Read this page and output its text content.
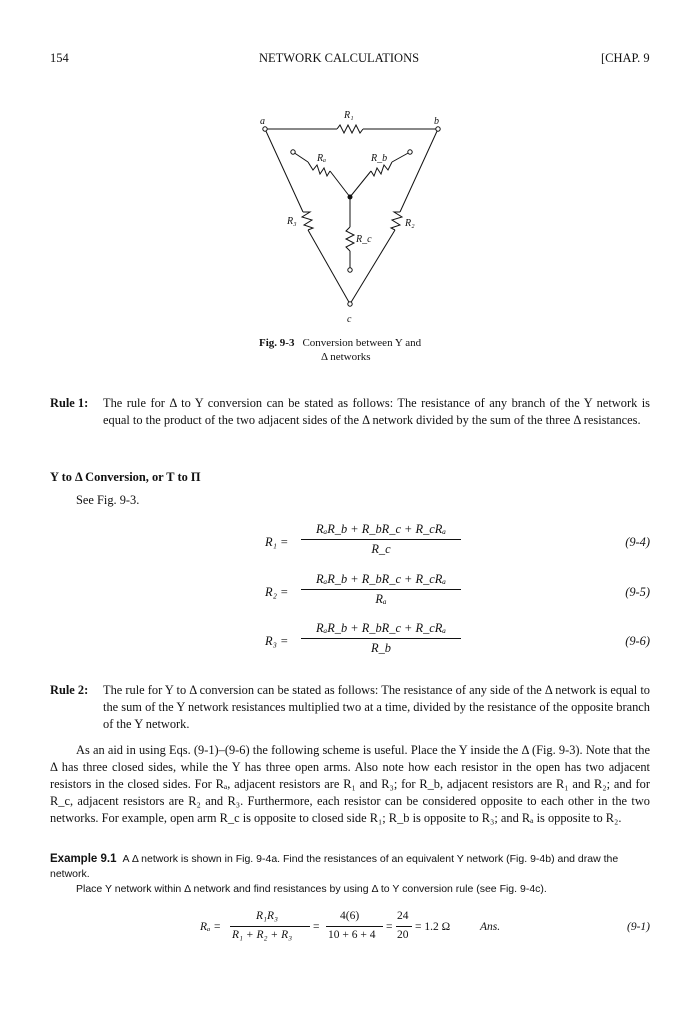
154	NETWORK CALCULATIONS	[CHAP. 9
a	b
c
R₁
R₂
R₃
Rₐ	R_b
R_c
Fig. 9-3 Conversion between Y and
Δ networks
Rule 1: The rule for Δ to Y conversion can be stated as follows: The resistance of any branch of the Y network is equal to the product of the two adjacent sides of the Δ network divided by the sum of the three Δ resistances.
Y to Δ Conversion, or T to Π
See Fig. 9-3.
R₁ =
RₐR_b + R_bR_c + R_cRₐ
R_c	(9-4)
R₂ =
RₐR_b + R_bR_c + R_cRₐ
Rₐ	(9-5)
R₃ =
RₐR_b + R_bR_c + R_cRₐ
R_b	(9-6)
Rule 2: The rule for Y to Δ conversion can be stated as follows: The resistance of any side of the Δ network is equal to the sum of the Y network resistances multiplied two at a time, divided by the resistance of the opposite branch of the Y network.
As an aid in using Eqs. (9-1)–(9-6) the following scheme is useful. Place the Y inside the Δ (Fig. 9-3). Note that the Δ has three closed sides, while the Y has three open arms. Also note how each resistor in the open has two adjacent resistors in the closed sides. For Rₐ, adjacent resistors are R₁ and R₃; for R_b, adjacent resistors are R₁ and R₂; and for R_c, adjacent resistors are R₂ and R₃. Furthermore, each resistor can be considered opposite to each other in the two networks. For example, open arm R_c is opposite to closed side R₁; R_b is opposite to R₃; and Rₐ is opposite to R₂.
Example 9.1 A Δ network is shown in Fig. 9-4a. Find the resistances of an equivalent Y network (Fig. 9-4b) and draw the network.
Place Y network within Δ network and find resistances by using Δ to Y conversion rule (see Fig. 9-4c).
Rₐ =
R₁R₃
R₁ + R₂ + R₃
=
4(6)
10 + 6 + 4
=
24
20
= 1.2 Ω	Ans.	(9-1)
